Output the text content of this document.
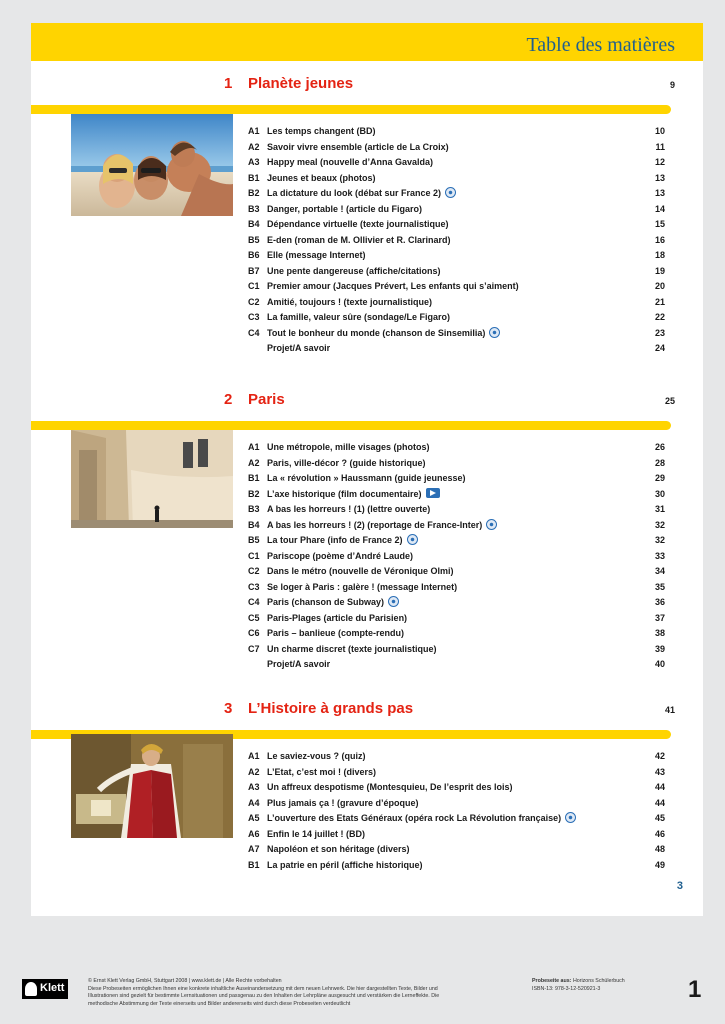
Table des matières
1 Planète jeunes	9
A1 Les temps changent (BD)	10
A2 Savoir vivre ensemble (article de La Croix)	11
A3 Happy meal (nouvelle d’Anna Gavalda)	12
B1 Jeunes et beaux (photos)	13
B2 La dictature du look (débat sur France 2)	13
B3 Danger, portable ! (article du Figaro)	14
B4 Dépendance virtuelle (texte journalistique)	15
B5 E-den (roman de M. Ollivier et R. Clarinard)	16
B6 Elle (message Internet)	18
B7 Une pente dangereuse (affiche/citations)	19
C1 Premier amour (Jacques Prévert, Les enfants qui s’aiment)	20
C2 Amitié, toujours ! (texte journalistique)	21
C3 La famille, valeur sûre (sondage/Le Figaro)	22
C4 Tout le bonheur du monde (chanson de Sinsemilia)	23
Projet/A savoir	24
2 Paris	25
A1 Une métropole, mille visages (photos)	26
A2 Paris, ville-décor ? (guide historique)	28
B1 La « révolution » Haussmann (guide jeunesse)	29
B2 L’axe historique (film documentaire)	30
B3 A bas les horreurs ! (1) (lettre ouverte)	31
B4 A bas les horreurs ! (2) (reportage de France-Inter)	32
B5 La tour Phare (info de France 2)	32
C1 Pariscope (poème d’André Laude)	33
C2 Dans le métro (nouvelle de Véronique Olmi)	34
C3 Se loger à Paris : galère ! (message Internet)	35
C4 Paris (chanson de Subway)	36
C5 Paris-Plages (article du Parisien)	37
C6 Paris – banlieue (compte-rendu)	38
C7 Un charme discret (texte journalistique)	39
Projet/A savoir	40
3 L’Histoire à grands pas	41
A1 Le saviez-vous ? (quiz)	42
A2 L’Etat, c’est moi ! (divers)	43
A3 Un affreux despotisme (Montesquieu, De l’esprit des lois)	44
A4 Plus jamais ça ! (gravure d’époque)	44
A5 L’ouverture des Etats Généraux (opéra rock La Révolution française)	45
A6 Enfin le 14 juillet ! (BD)	46
A7 Napoléon et son héritage (divers)	48
B1 La patrie en péril (affiche historique)	49
3
Klett
© Ernst Klett Verlag GmbH, Stuttgart 2008 | www.klett.de | Alle Rechte vorbehalten
Diese Probeseiten ermöglichen Ihnen eine konkrete inhaltliche Auseinandersetzung mit dem neuen Lehrwerk. Die hier dargestellten Texte, Bilder und
Illustrationen sind gezielt für bestimmte Lernsituationen und passgenau zu den Inhalten der Lehrpläne ausgesucht und verstärken die Lerneffekte. Die
methodische Abstimmung der Texte einerseits und Bilder andererseits wird durch diese Probeseiten verdeutlicht
Probeseite aus: Horizons Schülerbuch
ISBN-13: 978-3-12-520921-3	1
